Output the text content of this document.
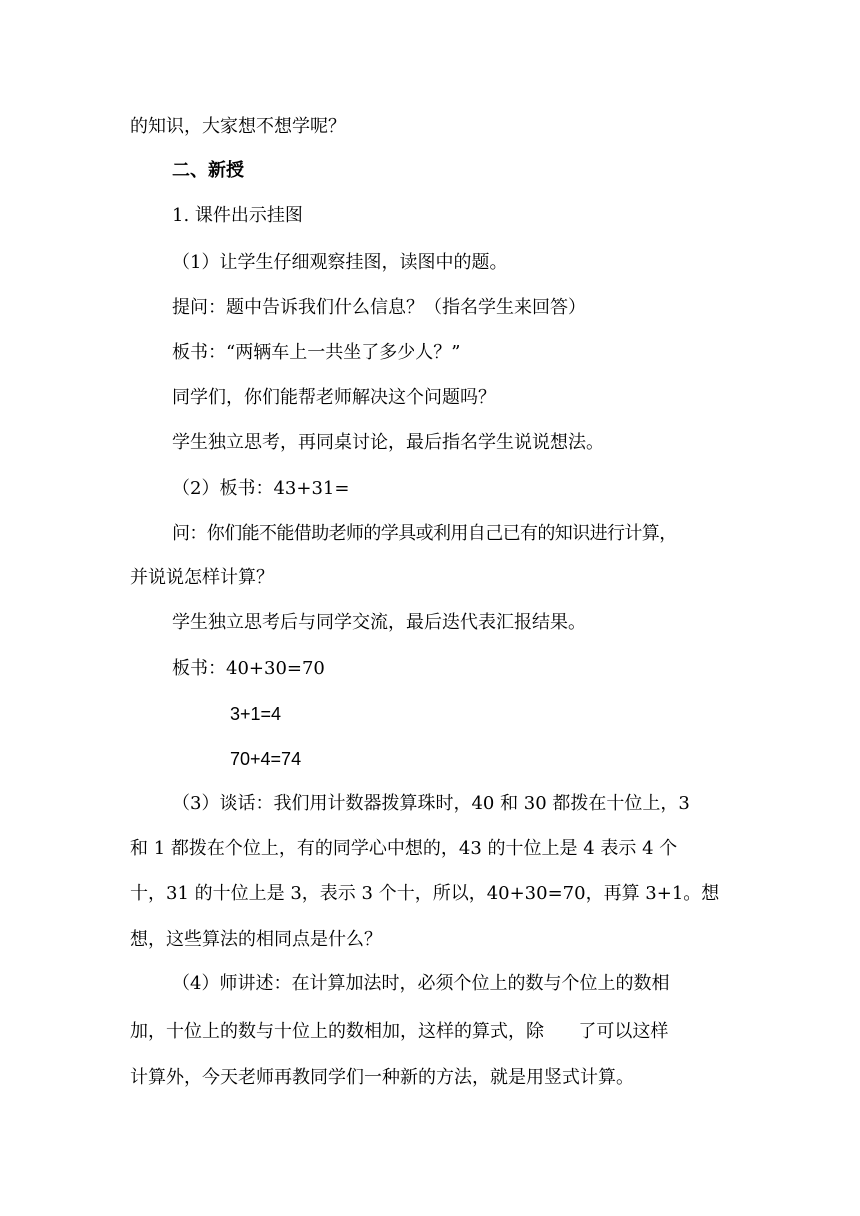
的知识，大家想不想学呢？
二、新授
1. 课件出示挂图
（1）让学生仔细观察挂图，读图中的题。
提问：题中告诉我们什么信息？（指名学生来回答）
板书：“两辆车上一共坐了多少人？”
同学们，你们能帮老师解决这个问题吗？
学生独立思考，再同桌讨论，最后指名学生说说想法。
（2）板书：43+31=
问：你们能不能借助老师的学具或利用自己已有的知识进行计算，
并说说怎样计算？
学生独立思考后与同学交流，最后迭代表汇报结果。
板书：40+30=70
3+1=4
70+4=74
（3）谈话：我们用计数器拨算珠时，40 和 30 都拨在十位上，3
和 1 都拨在个位上，有的同学心中想的，43 的十位上是 4 表示 4 个
十，31 的十位上是 3，表示 3 个十，所以，40+30=70，再算 3+1。想
想，这些算法的相同点是什么？
（4）师讲述：在计算加法时，必须个位上的数与个位上的数相
加，十位上的数与十位上的数相加，这样的算式，除      了可以这样
计算外，今天老师再教同学们一种新的方法，就是用竖式计算。
